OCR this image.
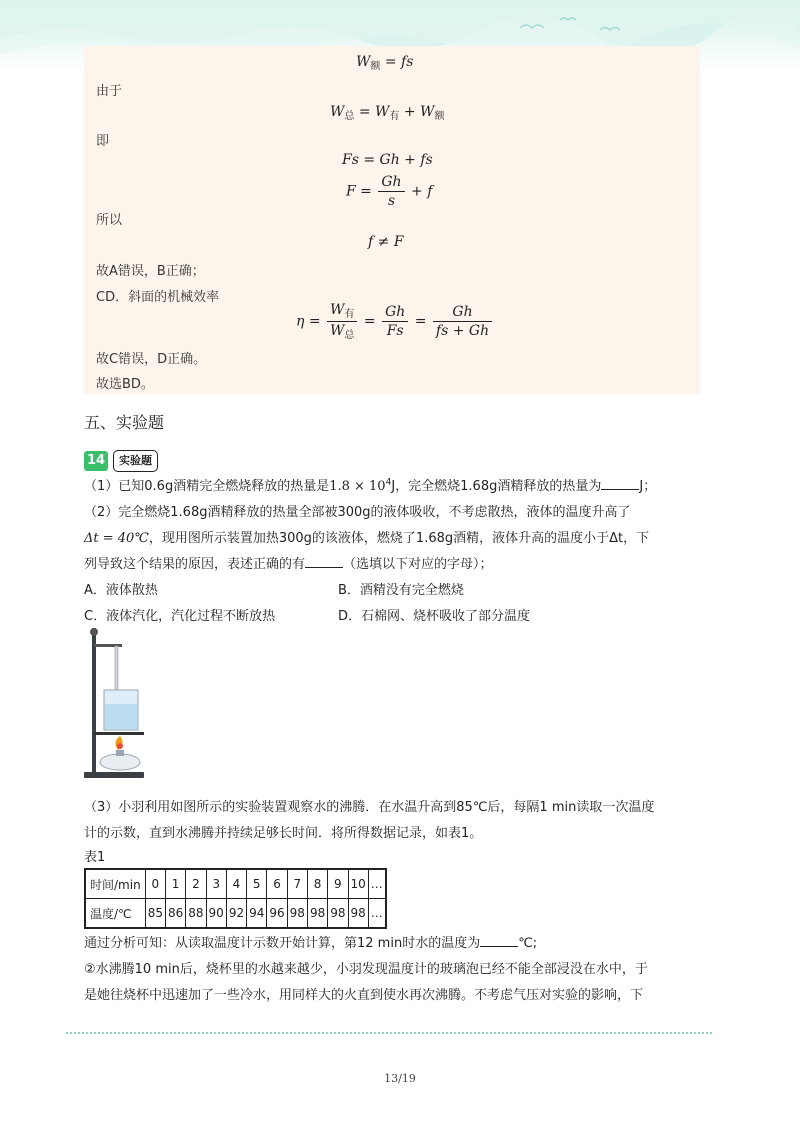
$W_额$ = fs
由于
$W_总 = W_有 + W_额$
即
Fs = Gh + fs
$F = \frac{Gh}{s} + f$
所以
f ≠ F
故A错误，B正确；
CD．斜面的机械效率
$\eta = \frac{W_有}{W_总} = \frac{Gh}{Fs} = \frac{Gh}{fs + Gh}$
故C错误，D正确。
故选BD。
五、实验题
14	实验题
（1）已知0.6g酒精完全燃烧释放的热量是$1.8 \times 10^4J$，完全燃烧1.68g酒精释放的热量为	J；
（2）完全燃烧1.68g酒精释放的热量全部被300g的液体吸收，不考虑散热，液体的温度升高了
Δt = 40℃，现用图所示装置加热300g的该液体，燃烧了1.68g酒精，液体升高的温度小于Δt，下
列导致这个结果的原因，表述正确的有	（选填以下对应的字母）；
A．液体散热	B．酒精没有完全燃烧
C．液体汽化，汽化过程不断放热	D．石棉网、烧杯吸收了部分温度
（3）小羽利用如图所示的实验装置观察水的沸腾．在水温升高到85℃后，每隔1 min读取一次温度
计的示数，直到水沸腾并持续足够长时间．将所得数据记录，如表1。
表1
时间/min	0	1	2	3	4	5	6	7	8	9	10	…
温度/℃	85	86	88	90	92	94	96	98	98	98	98	…
通过分析可知：从读取温度计示数开始计算，第12 min时水的温度为	℃;
②水沸腾10 min后，烧杯里的水越来越少，小羽发现温度计的玻璃泡已经不能全部浸没在水中，于
是她往烧杯中迅速加了一些冷水，用同样大的火直到使水再次沸腾。不考虑气压对实验的影响，下
13/19
